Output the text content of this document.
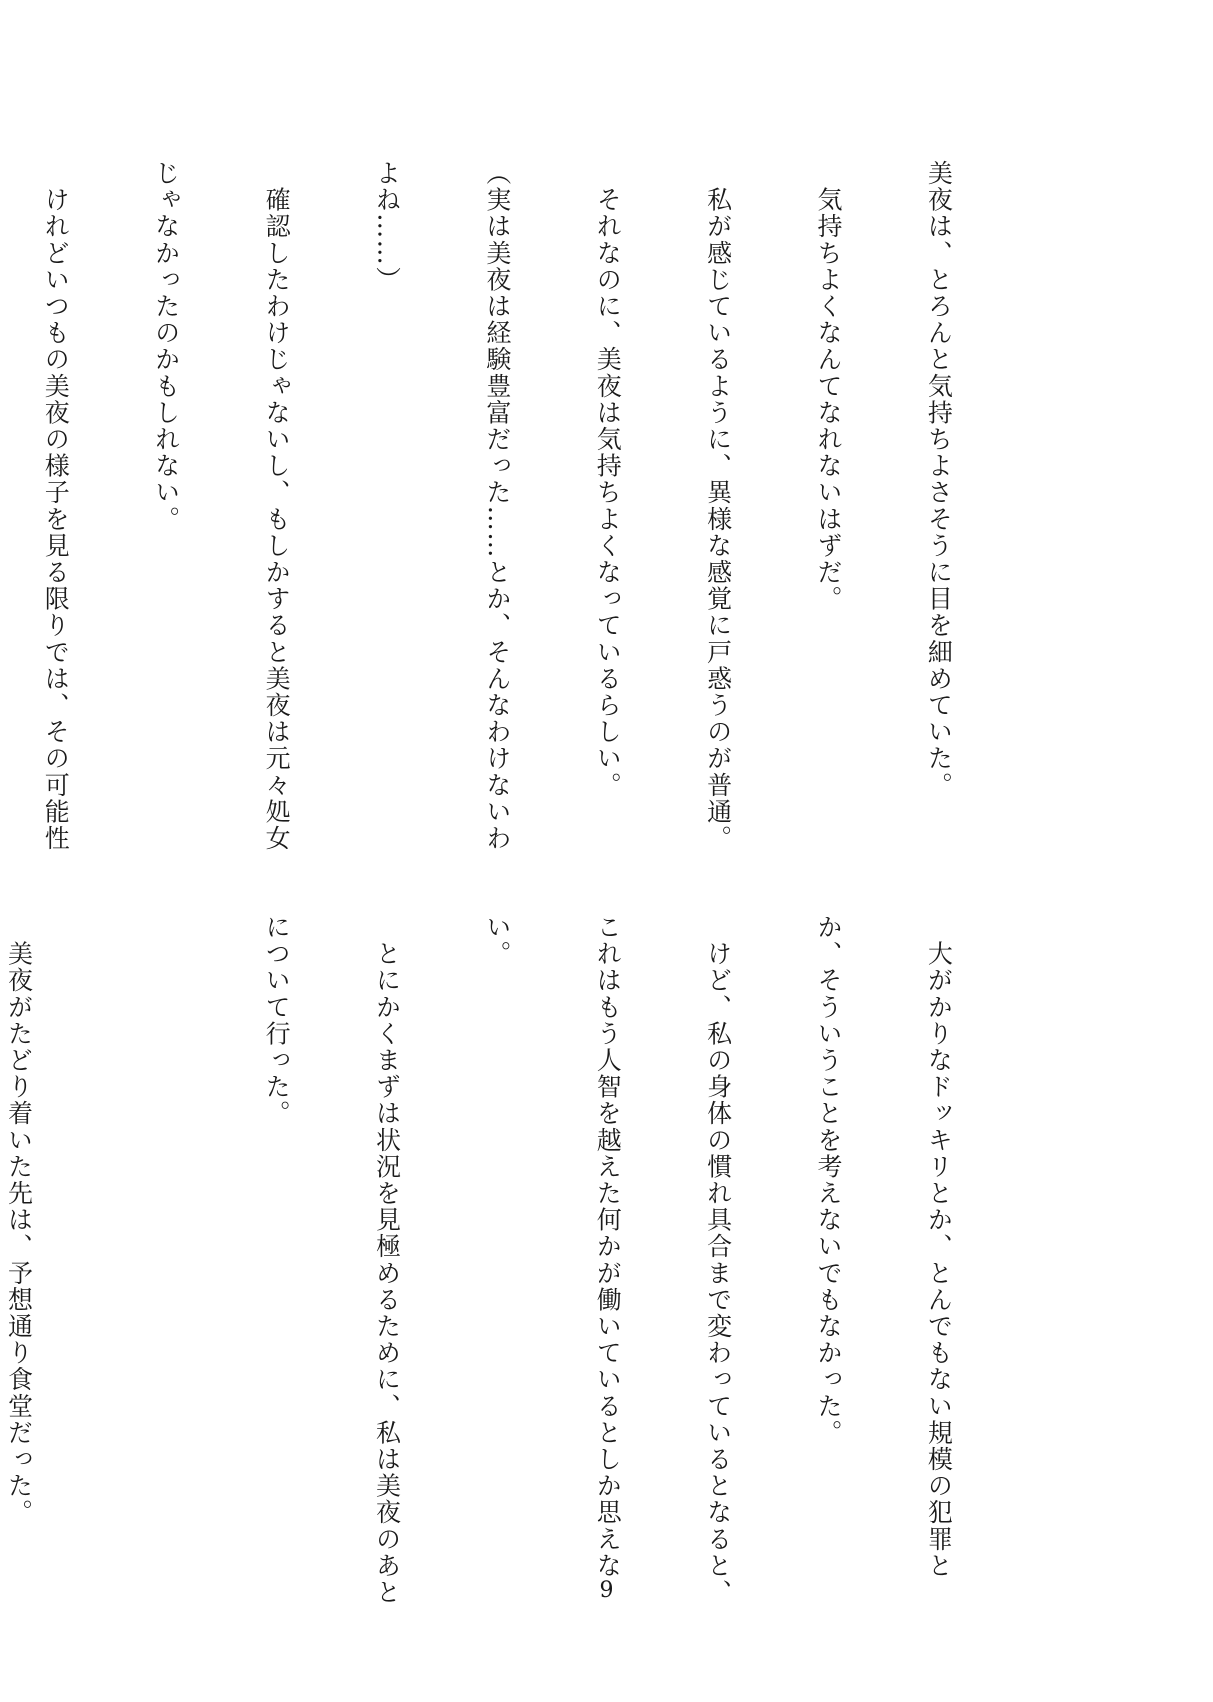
美夜は、とろんと気持ちよさそうに目を細めていた。

　気持ちよくなんてなれないはずだ。

　私が感じているように、異様な感覚に戸惑うのが普通。

　それなのに、美夜は気持ちよくなっているらしい。

（実は美夜は経験豊富だった……とか、そんなわけないわ

よね……）

　確認したわけじゃないし、もしかすると美夜は元々処女

じゃなかったのかもしれない。

　けれどいつもの美夜の様子を見る限りでは、その可能性

　大がかりなドッキリとか、とんでもない規模の犯罪と

か、そういうことを考えないでもなかった。

　けど、私の身体の慣れ具合まで変わっているとなると、

これはもう人智を越えた何かが働いているとしか思えな

い。

　とにかくまずは状況を見極めるために、私は美夜のあと

について行った。

　美夜がたどり着いた先は、予想通り食堂だった。

9
